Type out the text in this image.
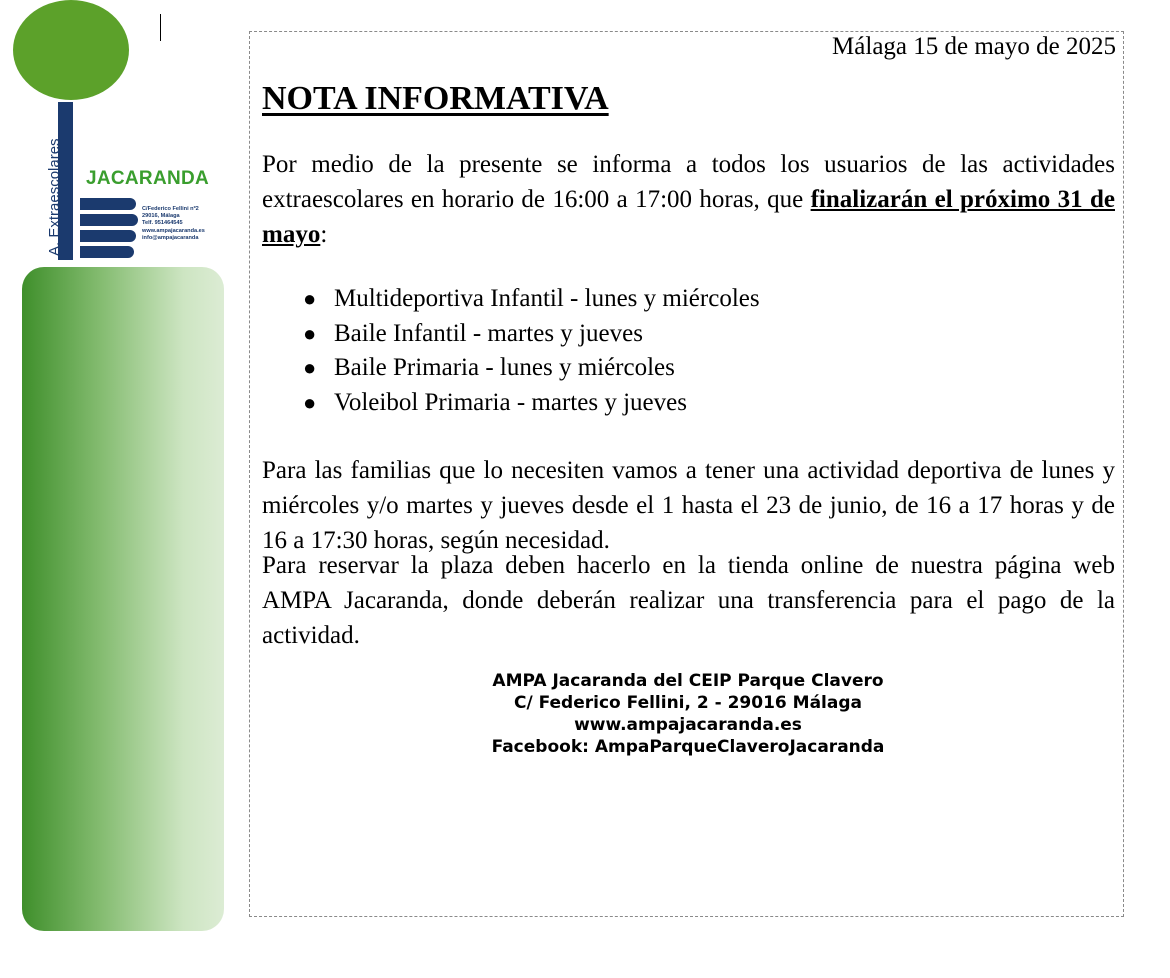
A. Extraescolares JACARANDA
C/Federico Fellini nº2
29016, Málaga
Telf. 951464545
www.ampajacaranda.es
info@ampajacaranda
Málaga 15 de mayo de 2025
NOTA INFORMATIVA

Por medio de la presente se informa a todos los usuarios de las actividades extraescolares en horario de 16:00 a 17:00 horas, que finalizarán el próximo 31 de mayo:

● Multideportiva Infantil - lunes y miércoles
● Baile Infantil - martes y jueves
● Baile Primaria - lunes y miércoles
● Voleibol Primaria - martes y jueves

Para las familias que lo necesiten vamos a tener una actividad deportiva de lunes y miércoles y/o martes y jueves desde el 1 hasta el 23 de junio, de 16 a 17 horas y de 16 a 17:30 horas, según necesidad.

Para reservar la plaza deben hacerlo en la tienda online de nuestra página web AMPA Jacaranda, donde deberán realizar una transferencia para el pago de la actividad.

AMPA Jacaranda del CEIP Parque Clavero
C/ Federico Fellini, 2 - 29016 Málaga
www.ampajacaranda.es
Facebook: AmpaParqueClaveroJacaranda
